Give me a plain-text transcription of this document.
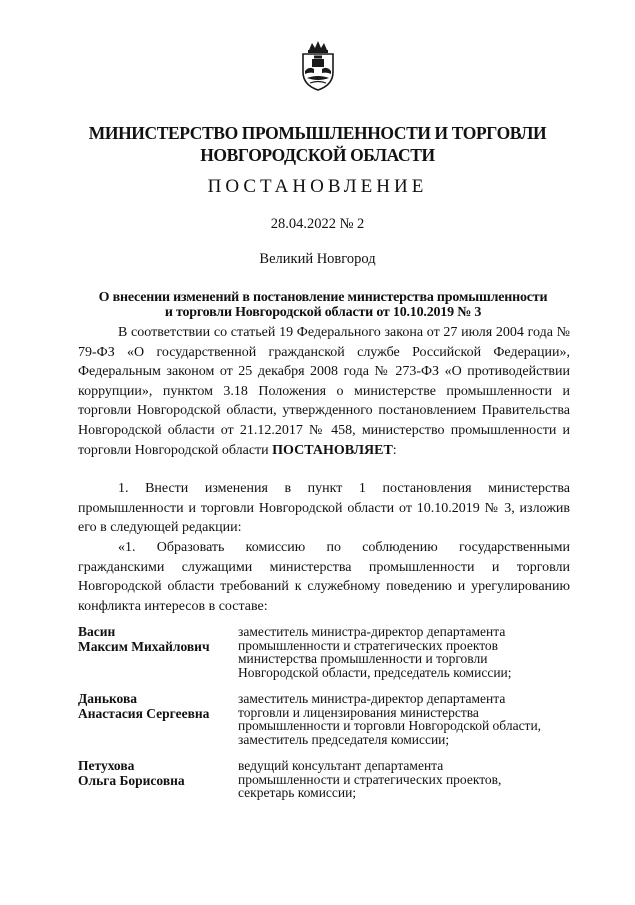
МИНИСТЕРСТВО ПРОМЫШЛЕННОСТИ И ТОРГОВЛИ
НОВГОРОДСКОЙ ОБЛАСТИ
ПОСТАНОВЛЕНИЕ
28.04.2022 № 2
Великий Новгород
О внесении изменений в постановление министерства промышленности
и торговли Новгородской области от 10.10.2019 № 3

В соответствии со статьей 19 Федерального закона от 27 июля 2004 года № 79-ФЗ «О государственной гражданской службе Российской Федерации», Федеральным законом от 25 декабря 2008 года № 273-ФЗ «О противодействии коррупции», пунктом 3.18 Положения о министерстве промышленности и торговли Новгородской области, утвержденного постановлением Правительства Новгородской области от 21.12.2017 № 458, министерство промышленности и торговли Новгородской области ПОСТАНОВЛЯЕТ:

1. Внести изменения в пункт 1 постановления министерства промышленности и торговли Новгородской области от 10.10.2019 № 3, изложив его в следующей редакции:

«1. Образовать комиссию по соблюдению государственными гражданскими служащими министерства промышленности и торговли Новгородской области требований к служебному поведению и урегулированию конфликта интересов в составе:

Васин
Максим Михайлович
заместитель министра-директор департамента
промышленности и стратегических проектов
министерства промышленности и торговли
Новгородской области, председатель комиссии;
Данькова
Анастасия Сергеевна
заместитель министра-директор департамента
торговли и лицензирования министерства
промышленности и торговли Новгородской области,
заместитель председателя комиссии;
Петухова
Ольга Борисовна
ведущий консультант департамента
промышленности и стратегических проектов,
секретарь комиссии;
